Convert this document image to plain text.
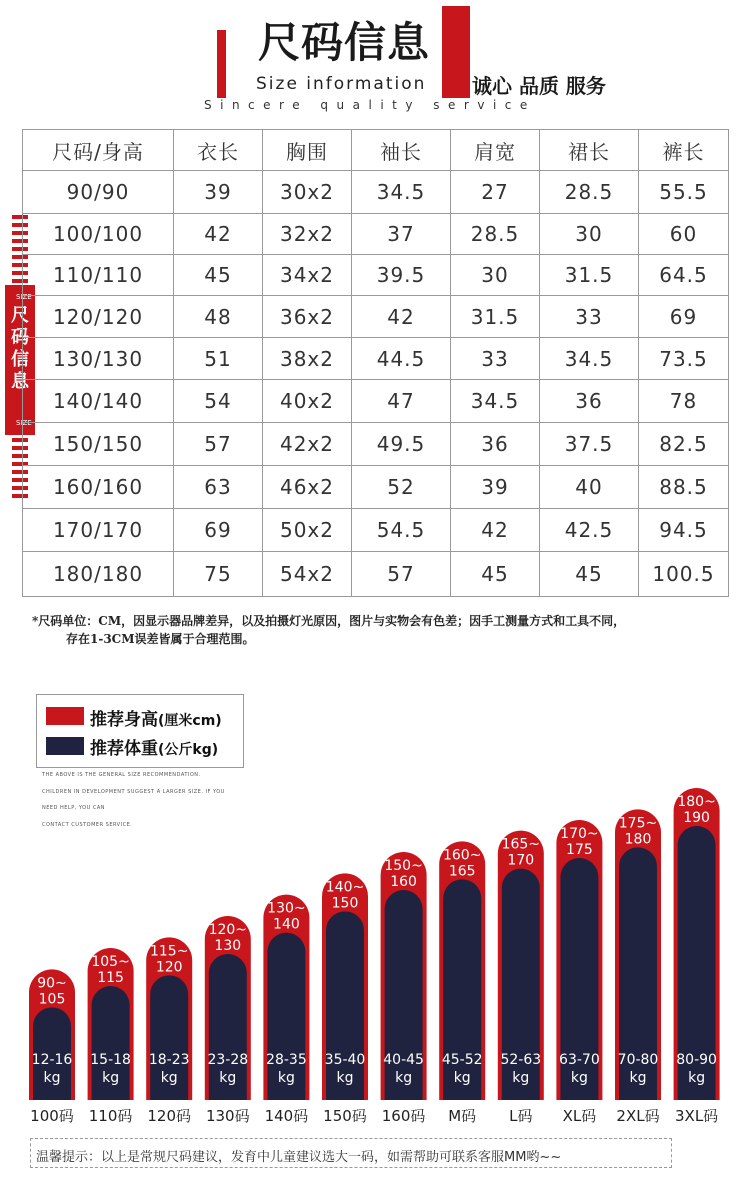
尺码信息
Size information 诚心 品质 服务
Sincere quality service
SIZE
尺码信息
SIZE
尺码/身高	衣长	胸围	袖长	肩宽	裙长	裤长
90/90	39	30x2	34.5	27	28.5	55.5
100/100	42	32x2	37	28.5	30	60
110/110	45	34x2	39.5	30	31.5	64.5
120/120	48	36x2	42	31.5	33	69
130/130	51	38x2	44.5	33	34.5	73.5
140/140	54	40x2	47	34.5	36	78
150/150	57	42x2	49.5	36	37.5	82.5
160/160	63	46x2	52	39	40	88.5
170/170	69	50x2	54.5	42	42.5	94.5
180/180	75	54x2	57	45	45	100.5
*尺码单位：CM，因显示器品牌差异，以及拍摄灯光原因，图片与实物会有色差；因手工测量方式和工具不同，
存在1-3CM误差皆属于合理范围。
推荐身高(厘米cm)
推荐体重(公斤kg)
THE ABOVE IS THE GENERAL SIZE RECOMMENDATION.
CHILDREN IN DEVELOPMENT SUGGEST A LARGER SIZE. IF YOU
NEED HELP, YOU CAN
CONTACT CUSTOMER SERVICE.
90~ 105
12-16
kg
100码
105~ 115
15-18
kg
110码
115~ 120
18-23
kg
120码
120~ 130
23-28
kg
130码
130~ 140
28-35
kg
140码
140~ 150
35-40
kg
150码
150~ 160
40-45
kg
160码
160~ 165
45-52
kg
M码
165~ 170
52-63
kg
L码
170~ 175
63-70
kg
XL码
175~ 180
70-80
kg
2XL码
180~ 190
80-90
kg
3XL码
温馨提示：以上是常规尺码建议，发育中儿童建议选大一码，如需帮助可联系客服MM哟~~
